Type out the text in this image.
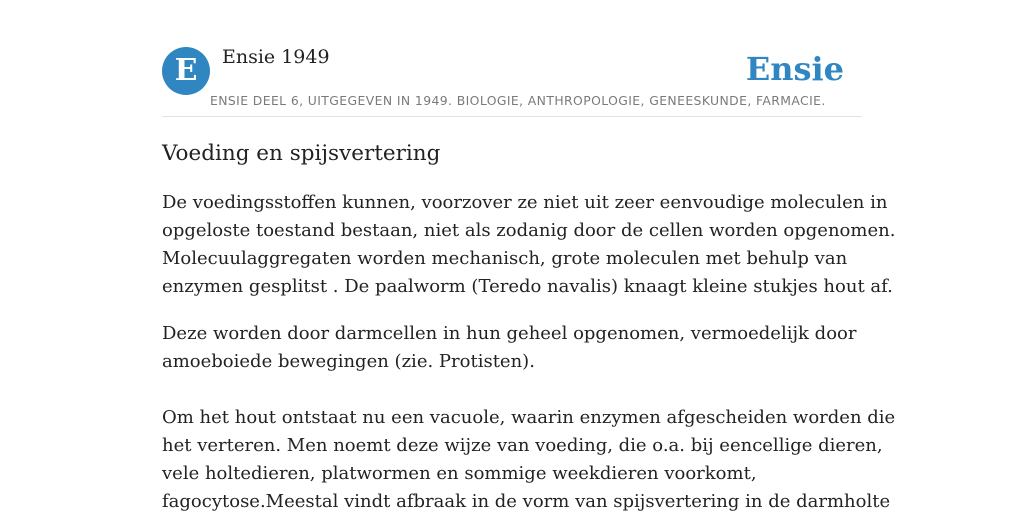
E	Ensie 1949	Ensie
ENSIE DEEL 6, UITGEGEVEN IN 1949. BIOLOGIE, ANTHROPOLOGIE, GENEESKUNDE, FARMACIE.
Voeding en spijsvertering

De voedingsstoffen kunnen, voorzover ze niet uit zeer eenvoudige moleculen in
opgeloste toestand bestaan, niet als zodanig door de cellen worden opgenomen.
Molecuulaggregaten worden mechanisch, grote moleculen met behulp van
enzymen gesplitst . De paalworm (Teredo navalis) knaagt kleine stukjes hout af.

Deze worden door darmcellen in hun geheel opgenomen, vermoedelijk door
amoeboiede bewegingen (zie. Protisten).

Om het hout ontstaat nu een vacuole, waarin enzymen afgescheiden worden die
het verteren. Men noemt deze wijze van voeding, die o.a. bij eencellige dieren,
vele holtedieren, platwormen en sommige weekdieren voorkomt,
fagocytose.Meestal vindt afbraak in de vorm van spijsvertering in de darmholte
